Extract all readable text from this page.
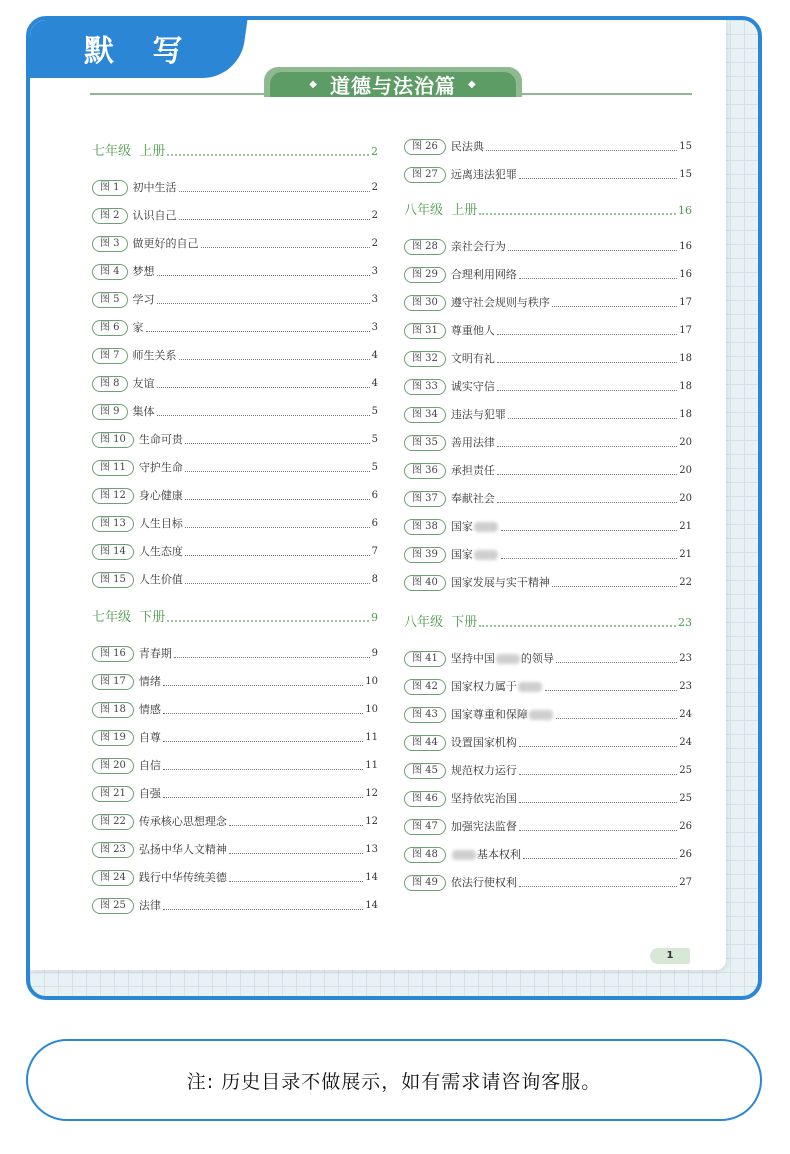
默 写
◆ 道德与法治篇 ◆
七年级  上册	2
图 1	初中生活	2
图 2	认识自己	2
图 3	做更好的自己	2
图 4	梦想	3
图 5	学习	3
图 6	家	3
图 7	师生关系	4
图 8	友谊	4
图 9	集体	5
图 10	生命可贵	5
图 11	守护生命	5
图 12	身心健康	6
图 13	人生目标	6
图 14	人生态度	7
图 15	人生价值	8
七年级  下册	9
图 16	青春期	9
图 17	情绪	10
图 18	情感	10
图 19	自尊	11
图 20	自信	11
图 21	自强	12
图 22	传承核心思想理念	12
图 23	弘扬中华人文精神	13
图 24	践行中华传统美德	14
图 25	法律	14
图 26	民法典	15
图 27	远离违法犯罪	15
八年级  上册	16
图 28	亲社会行为	16
图 29	合理利用网络	16
图 30	遵守社会规则与秩序	17
图 31	尊重他人	17
图 32	文明有礼	18
图 33	诚实守信	18
图 34	违法与犯罪	18
图 35	善用法律	20
图 36	承担责任	20
图 37	奉献社会	20
图 38	国家	21
图 39	国家	21
图 40	国家发展与实干精神	22
八年级  下册	23
图 41	坚持中国 的领导	23
图 42	国家权力属于	23
图 43	国家尊重和保障	24
图 44	设置国家机构	24
图 45	规范权力运行	25
图 46	坚持依宪治国	25
图 47	加强宪法监督	26
图 48	基本权利	26
图 49	依法行使权利	27
1
注: 历史目录不做展示，如有需求请咨询客服。
